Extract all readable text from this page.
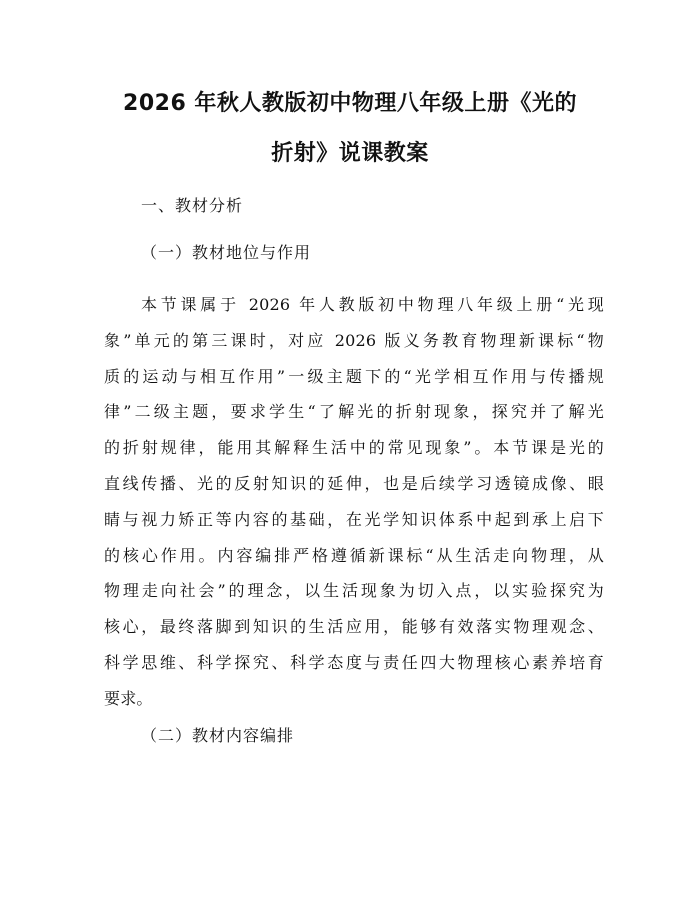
2026 年秋人教版初中物理八年级上册《光的
折射》说课教案
一、教材分析
（一）教材地位与作用
本节课属于 2026 年人教版初中物理八年级上册“光现
象”单元的第三课时，对应 2026 版义务教育物理新课标“物
质的运动与相互作用”一级主题下的“光学相互作用与传播规
律”二级主题，要求学生“了解光的折射现象，探究并了解光
的折射规律，能用其解释生活中的常见现象”。本节课是光的
直线传播、光的反射知识的延伸，也是后续学习透镜成像、眼
睛与视力矫正等内容的基础，在光学知识体系中起到承上启下
的核心作用。内容编排严格遵循新课标“从生活走向物理，从
物理走向社会”的理念，以生活现象为切入点，以实验探究为
核心，最终落脚到知识的生活应用，能够有效落实物理观念、
科学思维、科学探究、科学态度与责任四大物理核心素养培育
要求。
（二）教材内容编排
